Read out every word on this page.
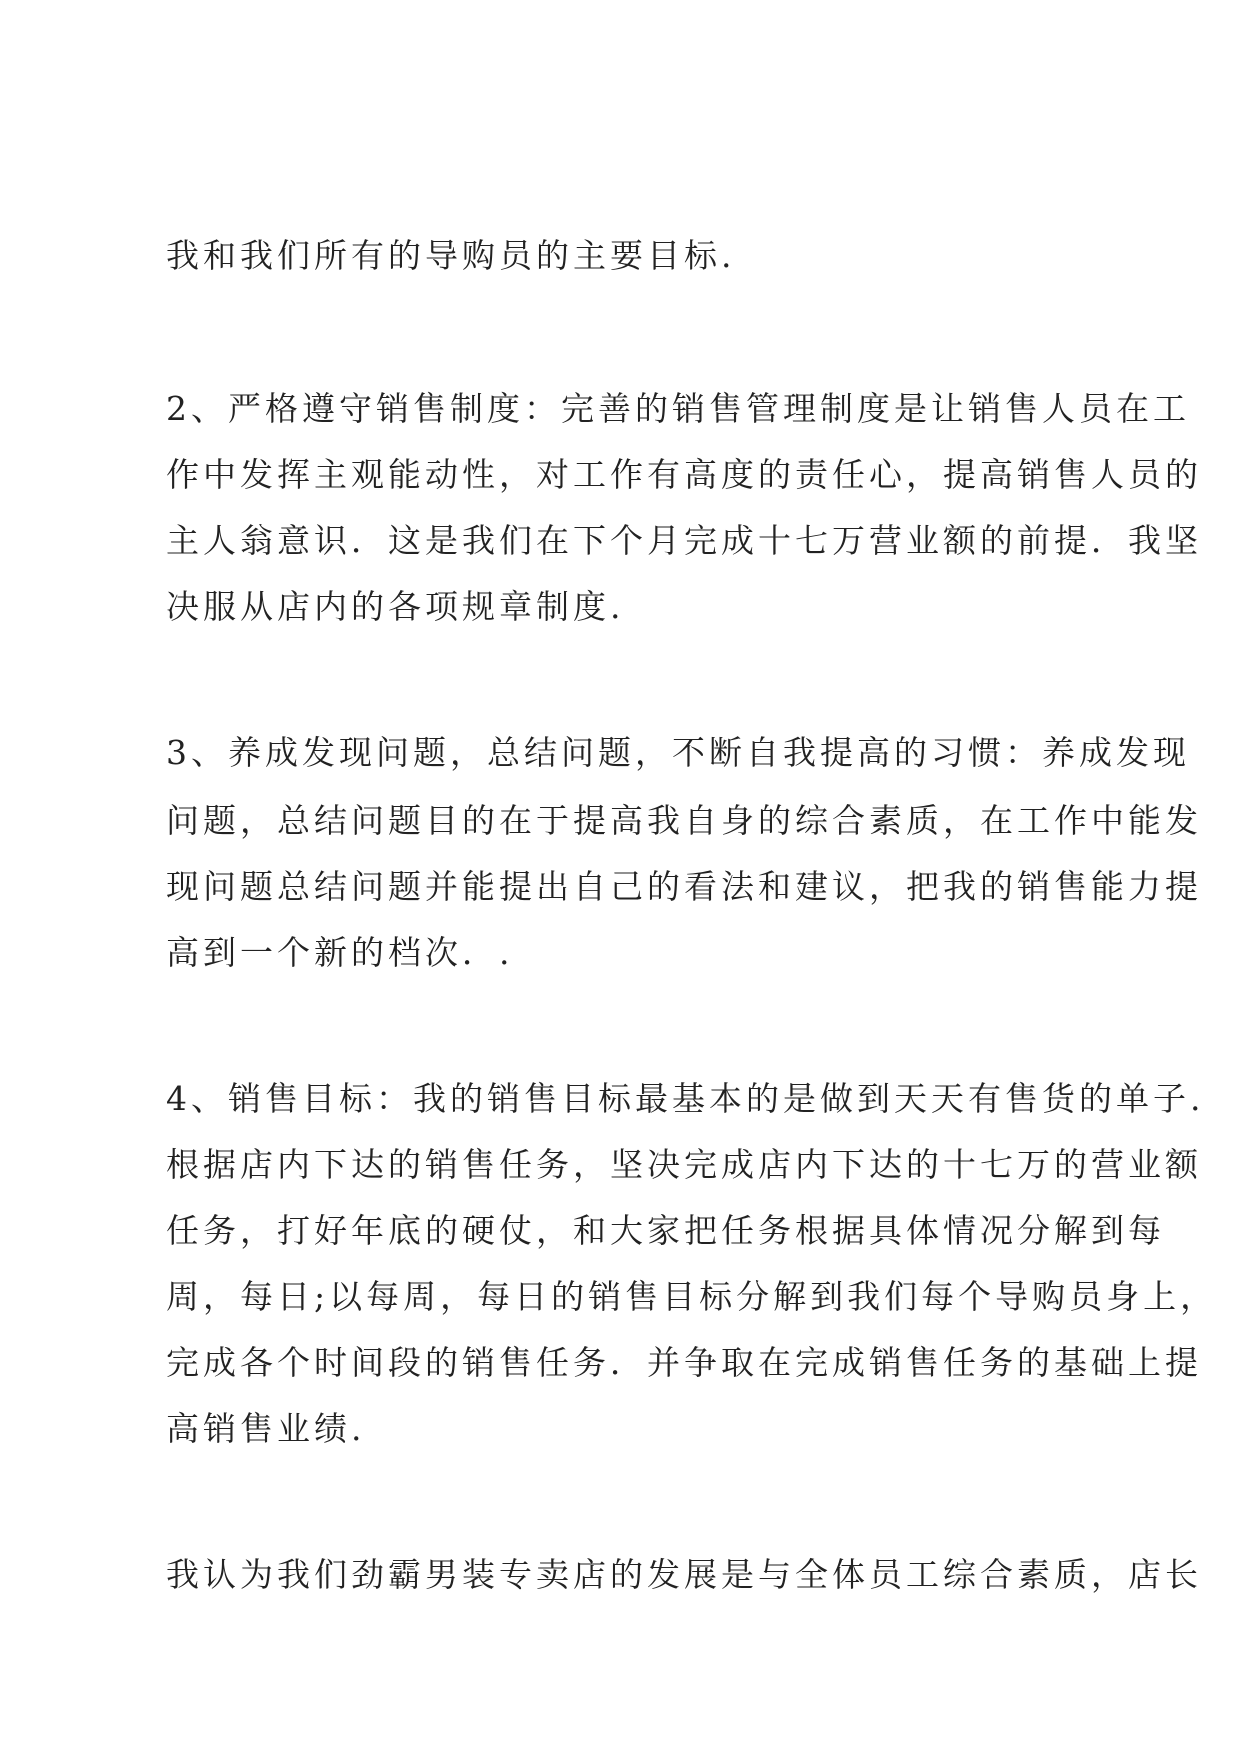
我和我们所有的导购员的主要目标.
2、严格遵守销售制度：完善的销售管理制度是让销售人员在工
作中发挥主观能动性，对工作有高度的责任心，提高销售人员的
主人翁意识．这是我们在下个月完成十七万营业额的前提．我坚
决服从店内的各项规章制度.
3、养成发现问题，总结问题，不断自我提高的习惯：养成发现
问题，总结问题目的在于提高我自身的综合素质，在工作中能发
现问题总结问题并能提出自己的看法和建议，把我的销售能力提
高到一个新的档次．.
4、销售目标：我的销售目标最基本的是做到天天有售货的单子.
根据店内下达的销售任务，坚决完成店内下达的十七万的营业额
任务，打好年底的硬仗，和大家把任务根据具体情况分解到每
周，每日;以每周，每日的销售目标分解到我们每个导购员身上，
完成各个时间段的销售任务．并争取在完成销售任务的基础上提
高销售业绩.
我认为我们劲霸男装专卖店的发展是与全体员工综合素质，店长
